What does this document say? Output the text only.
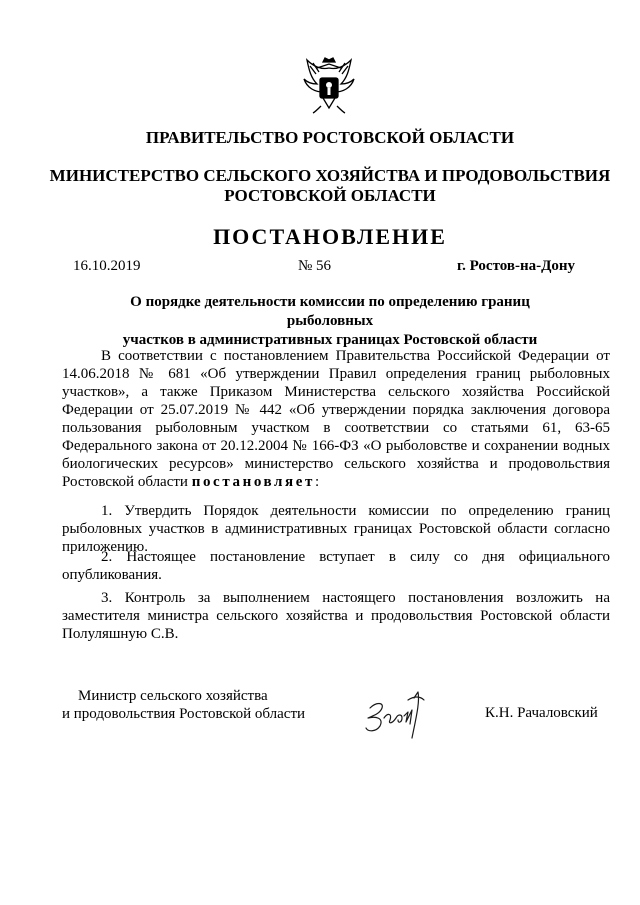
ПРАВИТЕЛЬСТВО РОСТОВСКОЙ ОБЛАСТИ
МИНИСТЕРСТВО СЕЛЬСКОГО ХОЗЯЙСТВА И ПРОДОВОЛЬСТВИЯ
РОСТОВСКОЙ ОБЛАСТИ
ПОСТАНОВЛЕНИЕ
16.10.2019	№ 56	г. Ростов-на-Дону
О порядке деятельности комиссии по определению границ рыболовных
участков в административных границах Ростовской области
В соответствии с постановлением Правительства Российской Федерации от 14.06.2018 № 681 «Об утверждении Правил определения границ рыболовных участков», а также Приказом Министерства сельского хозяйства Российской Федерации от 25.07.2019 № 442 «Об утверждении порядка заключения договора пользования рыболовным участком в соответствии со статьями 61, 63-65 Федерального закона от 20.12.2004 № 166-ФЗ «О рыболовстве и сохранении водных биологических ресурсов» министерство сельского хозяйства и продовольствия Ростовской области постановляет:
1. Утвердить Порядок деятельности комиссии по определению границ рыболовных участков в административных границах Ростовской области согласно приложению.
2. Настоящее постановление вступает в силу со дня официального опубликования.
3. Контроль за выполнением настоящего постановления возложить на заместителя министра сельского хозяйства и продовольствия Ростовской области Полуляшную С.В.
Министр сельского хозяйства
и продовольствия Ростовской области	К.Н. Рачаловский
